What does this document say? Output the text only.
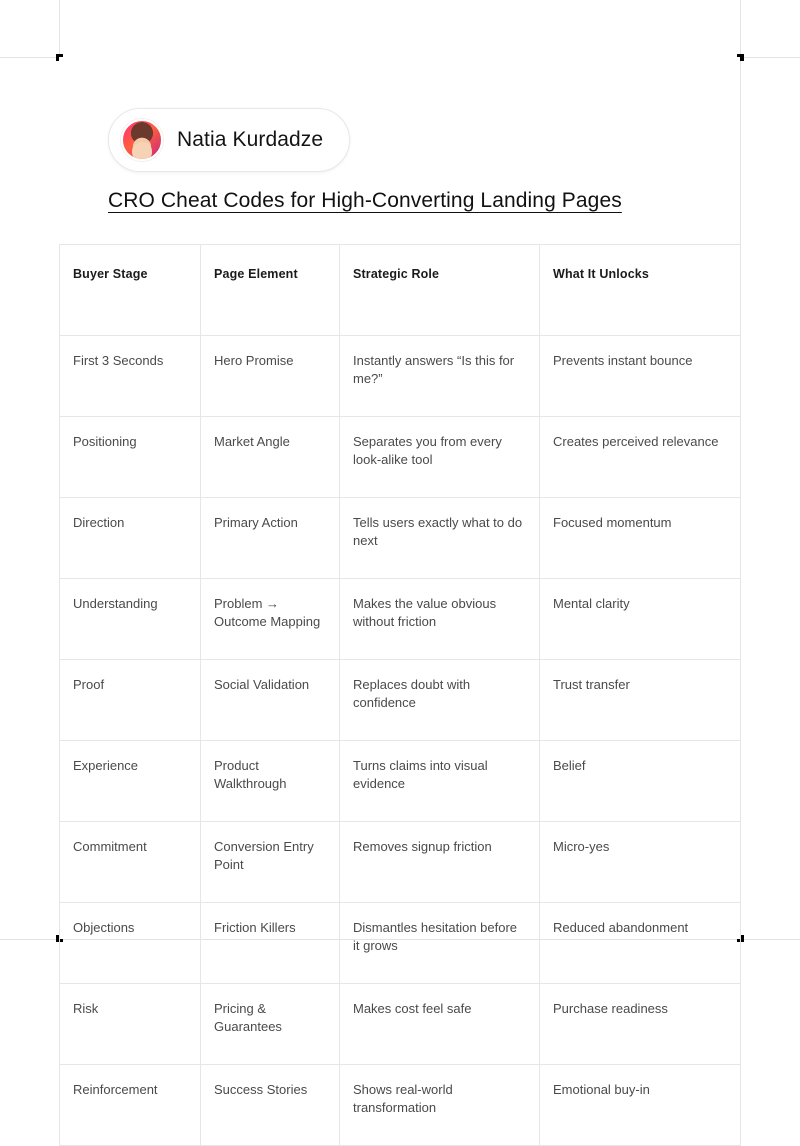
Natia Kurdadze
CRO Cheat Codes for High-Converting Landing Pages
Buyer Stage	Page Element	Strategic Role	What It Unlocks
First 3 Seconds	Hero Promise	Instantly answers “Is this for me?”	Prevents instant bounce
Positioning	Market Angle	Separates you from every look-alike tool	Creates perceived relevance
Direction	Primary Action	Tells users exactly what to do next	Focused momentum
Understanding	Problem → Outcome Mapping	Makes the value obvious without friction	Mental clarity
Proof	Social Validation	Replaces doubt with confidence	Trust transfer
Experience	Product Walkthrough	Turns claims into visual evidence	Belief
Commitment	Conversion Entry Point	Removes signup friction	Micro-yes
Objections	Friction Killers	Dismantles hesitation before it grows	Reduced abandonment
Risk	Pricing & Guarantees	Makes cost feel safe	Purchase readiness
Reinforcement	Success Stories	Shows real-world transformation	Emotional buy-in
